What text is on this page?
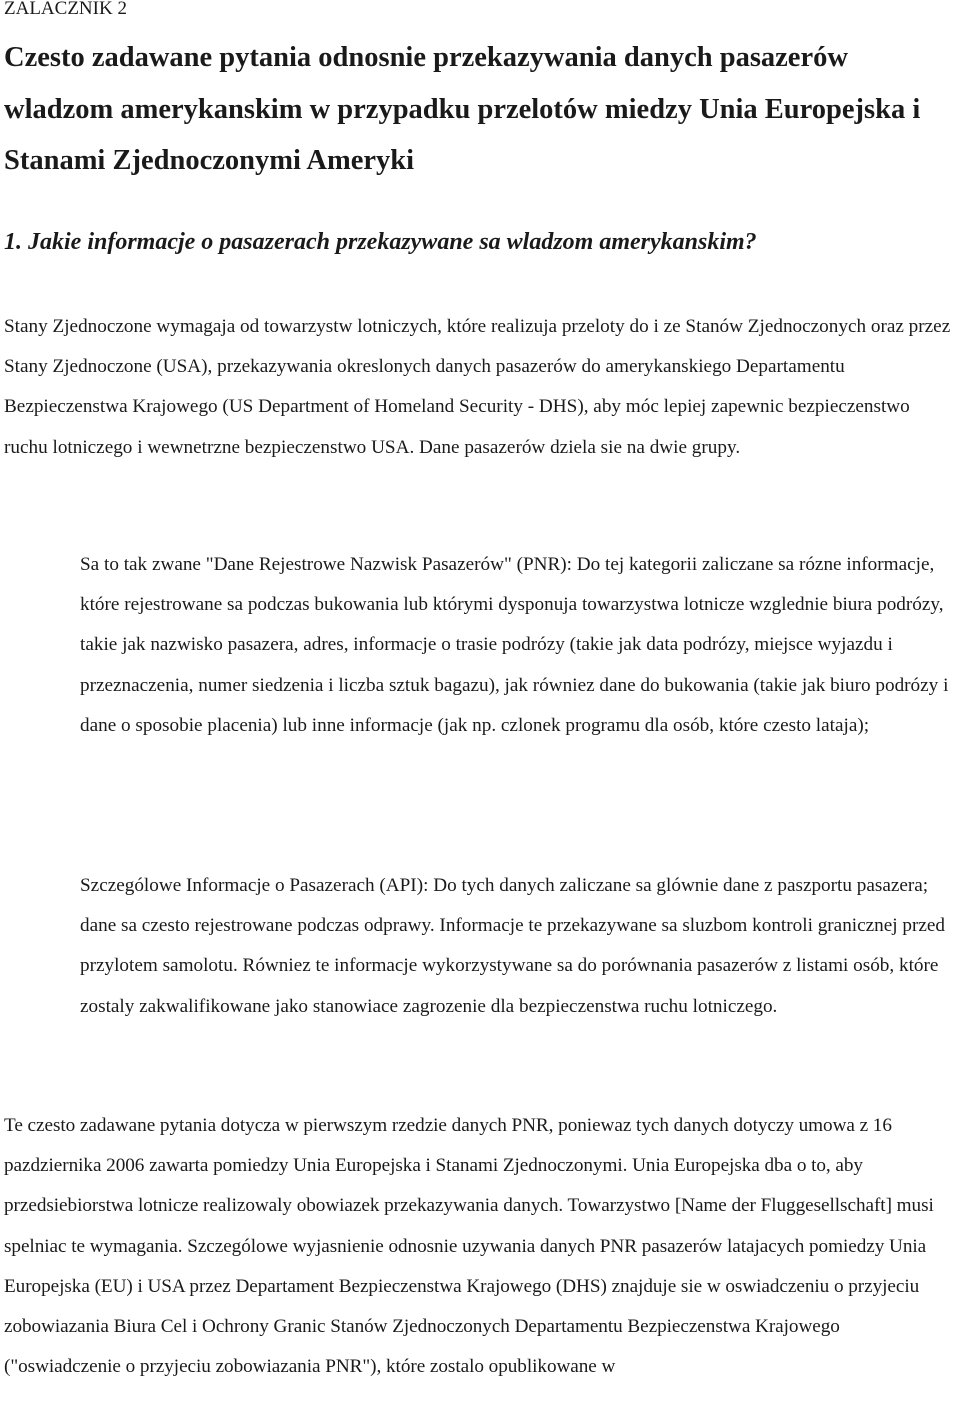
ZALACZNIK 2

Czesto zadawane pytania odnosnie przekazywania danych pasazerów wladzom amerykanskim w przypadku przelotów miedzy Unia Europejska i Stanami Zjednoczonymi Ameryki
1. Jakie informacje o pasazerach przekazywane sa wladzom amerykanskim?

Stany Zjednoczone wymagaja od towarzystw lotniczych, które realizuja przeloty do i ze Stanów Zjednoczonych oraz przez Stany Zjednoczone (USA), przekazywania okreslonych danych pasazerów do amerykanskiego Departamentu Bezpieczenstwa Krajowego (US Department of Homeland Security - DHS), aby móc lepiej zapewnic bezpieczenstwo ruchu lotniczego i wewnetrzne bezpieczenstwo USA. Dane pasazerów dziela sie na dwie grupy.

Sa to tak zwane "Dane Rejestrowe Nazwisk Pasazerów" (PNR): Do tej kategorii zaliczane sa rózne informacje, które rejestrowane sa podczas bukowania lub którymi dysponuja towarzystwa lotnicze wzglednie biura podrózy, takie jak nazwisko pasazera, adres, informacje o trasie podrózy (takie jak data podrózy, miejsce wyjazdu i przeznaczenia, numer siedzenia i liczba sztuk bagazu), jak równiez dane do bukowania (takie jak biuro podrózy i dane o sposobie placenia) lub inne informacje (jak np. czlonek programu dla osób, które czesto lataja);

Szczególowe Informacje o Pasazerach (API): Do tych danych zaliczane sa glównie dane z paszportu pasazera; dane sa czesto rejestrowane podczas odprawy. Informacje te przekazywane sa sluzbom kontroli granicznej przed przylotem samolotu. Równiez te informacje wykorzystywane sa do porównania pasazerów z listami osób, które zostaly zakwalifikowane jako stanowiace zagrozenie dla bezpieczenstwa ruchu lotniczego.

Te czesto zadawane pytania dotycza w pierwszym rzedzie danych PNR, poniewaz tych danych dotyczy umowa z 16 pazdziernika 2006 zawarta pomiedzy Unia Europejska i Stanami Zjednoczonymi. Unia Europejska dba o to, aby przedsiebiorstwa lotnicze realizowaly obowiazek przekazywania danych. Towarzystwo [Name der Fluggesellschaft] musi spelniac te wymagania. Szczególowe wyjasnienie odnosnie uzywania danych PNR pasazerów latajacych pomiedzy Unia Europejska (EU) i USA przez Departament Bezpieczenstwa Krajowego (DHS) znajduje sie w oswiadczeniu o przyjeciu zobowiazania Biura Cel i Ochrony Granic Stanów Zjednoczonych Departamentu Bezpieczenstwa Krajowego ("oswiadczenie o przyjeciu zobowiazania PNR"), które zostalo opublikowane w
